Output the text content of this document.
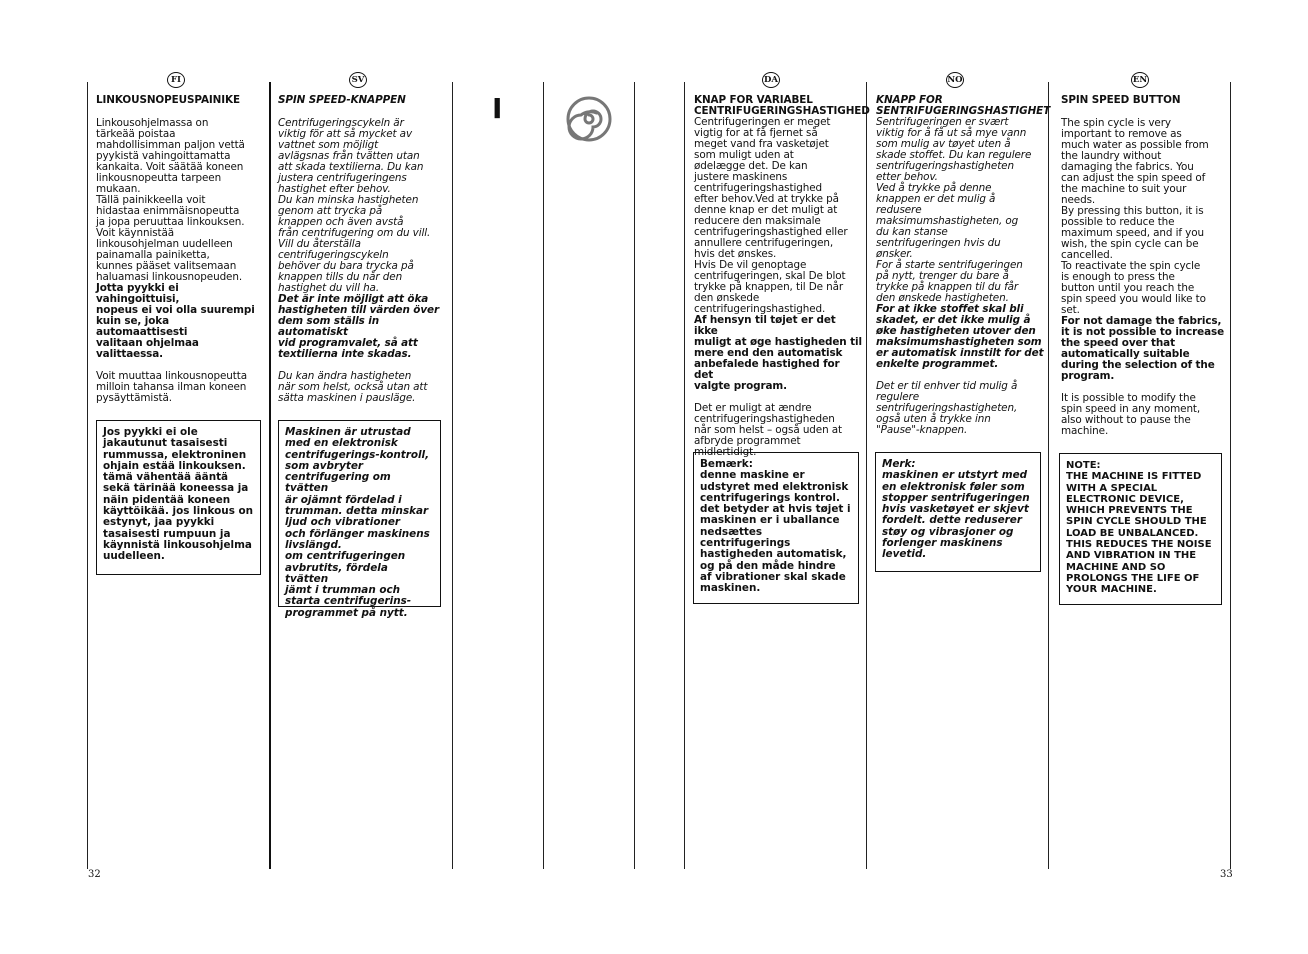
FI	SV	DA	NO	EN
I
LINKOUSNOPEUSPAINIKE

Linkousohjelmassa on
tärkeää poistaa
mahdollisimman paljon vettä
pyykistä vahingoittamatta
kankaita. Voit säätää koneen
linkousnopeutta tarpeen
mukaan.
Tällä painikkeella voit
hidastaa enimmäisnopeutta
ja jopa peruuttaa linkouksen.
Voit käynnistää
linkousohjelman uudelleen
painamalla painiketta,
kunnes pääset valitsemaan
haluamasi linkousnopeuden.

Jotta pyykki ei vahingoittuisi,
nopeus ei voi olla suurempi
kuin se, joka automaattisesti
valitaan ohjelmaa
valittaessa.

Voit muuttaa linkousnopeutta
milloin tahansa ilman koneen
pysäyttämistä.

Jos pyykki ei ole
jakautunut tasaisesti
rummussa, elektroninen
ohjain estää linkouksen.
tämä vähentää ääntä
sekä tärinää koneessa ja
näin pidentää koneen
käyttöikää. jos linkous on
estynyt, jaa pyykki
tasaisesti rumpuun ja
käynnistä linkousohjelma
uudelleen.
SPIN SPEED-KNAPPEN

Centrifugeringscykeln är
viktig för att så mycket av
vattnet som möjligt
avlägsnas från tvätten utan
att skada textilierna. Du kan
justera centrifugeringens
hastighet efter behov.
Du kan minska hastigheten
genom att trycka på
knappen och även avstå
från centrifugering om du vill.
Vill du återställa
centrifugeringscykeln
behöver du bara trycka på
knappen tills du når den
hastighet du vill ha.

Det är inte möjligt att öka
hastigheten till värden över
dem som ställs in automatiskt
vid programvalet, så att
textilierna inte skadas.

Du kan ändra hastigheten
när som helst, också utan att
sätta maskinen i pausläge.

Maskinen är utrustad
med en elektronisk
centrifugerings-kontroll,
som avbryter
centrifugering om tvätten
är ojämnt fördelad i
trumman. detta minskar
ljud och vibrationer
och förlänger maskinens
livslängd.
om centrifugeringen
avbrutits, fördela tvätten
jämt i trumman och
starta centrifugerins-
programmet på nytt.
KNAP FOR VARIABEL
CENTRIFUGERINGSHASTIGHED

Centrifugeringen er meget
vigtig for at få fjernet så
meget vand fra vasketøjet
som muligt uden at
ødelægge det. De kan
justere maskinens
centrifugeringshastighed
efter behov.Ved at trykke på
denne knap er det muligt at
reducere den maksimale
centrifugeringshastighed eller
annullere centrifugeringen,
hvis det ønskes.
Hvis De vil genoptage
centrifugeringen, skal De blot
trykke på knappen, til De når
den ønskede
centrifugeringshastighed.

Af hensyn til tøjet er det ikke
muligt at øge hastigheden til
mere end den automatisk
anbefalede hastighed for det
valgte program.

Det er muligt at ændre
centrifugeringshastigheden
når som helst – også uden at
afbryde programmet
midlertidigt.

Bemærk:
denne maskine er
udstyret med elektronisk
centrifugerings kontrol.
det betyder at hvis tøjet i
maskinen er i uballance
nedsættes
centrifugerings
hastigheden automatisk,
og på den måde hindre
af vibrationer skal skade
maskinen.
KNAPP FOR
SENTRIFUGERINGSHASTIGHET

Sentrifugeringen er svært
viktig for å få ut så mye vann
som mulig av tøyet uten å
skade stoffet. Du kan regulere
sentrifugeringshastigheten
etter behov.
Ved å trykke på denne
knappen er det mulig å
redusere
maksimumshastigheten, og
du kan stanse
sentrifugeringen hvis du
ønsker.
For å starte sentrifugeringen
på nytt, trenger du bare å
trykke på knappen til du får
den ønskede hastigheten.

For at ikke stoffet skal bli
skadet, er det ikke mulig å
øke hastigheten utover den
maksimumshastigheten som
er automatisk innstilt for det
enkelte programmet.

Det er til enhver tid mulig å
regulere
sentrifugeringshastigheten,
også uten å trykke inn
"Pause"-knappen.

Merk:
maskinen er utstyrt med
en elektronisk føler som
stopper sentrifugeringen
hvis vasketøyet er skjevt
fordelt. dette reduserer
støy og vibrasjoner og
forlenger maskinens
levetid.
SPIN SPEED BUTTON

The spin cycle is very
important to remove as
much water as possible from
the laundry without
damaging the fabrics. You
can adjust the spin speed of
the machine to suit your
needs.
By pressing this button, it is
possible to reduce the
maximum speed, and if you
wish, the spin cycle can be
cancelled.
To reactivate the spin cycle
is enough to press the
button until you reach the
spin speed you would like to
set.

For not damage the fabrics,
it is not possible to increase
the speed over that
automatically suitable
during the selection of the
program.

It is possible to modify the
spin speed in any moment,
also without to pause the
machine.

NOTE:
THE MACHINE IS FITTED
WITH A SPECIAL
ELECTRONIC DEVICE,
WHICH PREVENTS THE
SPIN CYCLE SHOULD THE
LOAD BE UNBALANCED.
THIS REDUCES THE NOISE
AND VIBRATION IN THE
MACHINE AND SO
PROLONGS THE LIFE OF
YOUR MACHINE.
32	33
